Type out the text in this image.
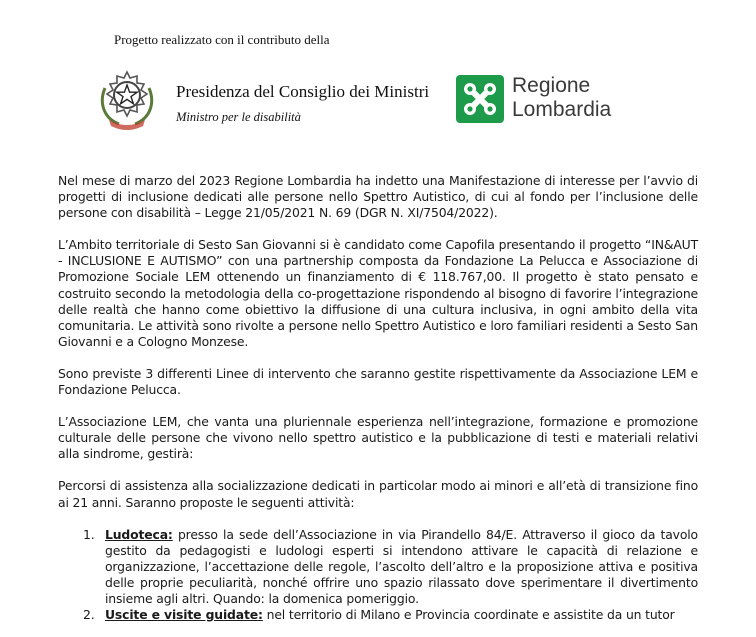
Progetto realizzato con il contributo della
Presidenza del Consiglio dei Ministri
Ministro per le disabilità
Regione
Lombardia

Nel mese di marzo del 2023 Regione Lombardia ha indetto una Manifestazione di interesse per l’avvio di progetti di inclusione dedicati alle persone nello Spettro Autistico, di cui al fondo per l’inclusione delle persone con disabilità – Legge 21/05/2021 N. 69 (DGR N. XI/7504/2022).

L’Ambito territoriale di Sesto San Giovanni si è candidato come Capofila presentando il progetto “IN&AUT - INCLUSIONE E AUTISMO” con una partnership composta da Fondazione La Pelucca e Associazione di Promozione Sociale LEM ottenendo un finanziamento di € 118.767,00. Il progetto è stato pensato e costruito secondo la metodologia della co-progettazione rispondendo al bisogno di favorire l’integrazione delle realtà che hanno come obiettivo la diffusione di una cultura inclusiva, in ogni ambito della vita comunitaria. Le attività sono rivolte a persone nello Spettro Autistico e loro familiari residenti a Sesto San Giovanni e a Cologno Monzese.

Sono previste 3 differenti Linee di intervento che saranno gestite rispettivamente da Associazione LEM e Fondazione Pelucca.

L’Associazione LEM, che vanta una pluriennale esperienza nell’integrazione, formazione e promozione culturale delle persone che vivono nello spettro autistico e la pubblicazione di testi e materiali relativi alla sindrome, gestirà:

Percorsi di assistenza alla socializzazione dedicati in particolar modo ai minori e all’età di transizione fino ai 21 anni. Saranno proposte le seguenti attività:

1. Ludoteca: presso la sede dell’Associazione in via Pirandello 84/E. Attraverso il gioco da tavolo gestito da pedagogisti e ludologi esperti si intendono attivare le capacità di relazione e organizzazione, l’accettazione delle regole, l’ascolto dell’altro e la proposizione attiva e positiva delle proprie peculiarità, nonché offrire uno spazio rilassato dove sperimentare il divertimento insieme agli altri. Quando: la domenica pomeriggio.
2. Uscite e visite guidate: nel territorio di Milano e Provincia coordinate e assistite da un tutor
